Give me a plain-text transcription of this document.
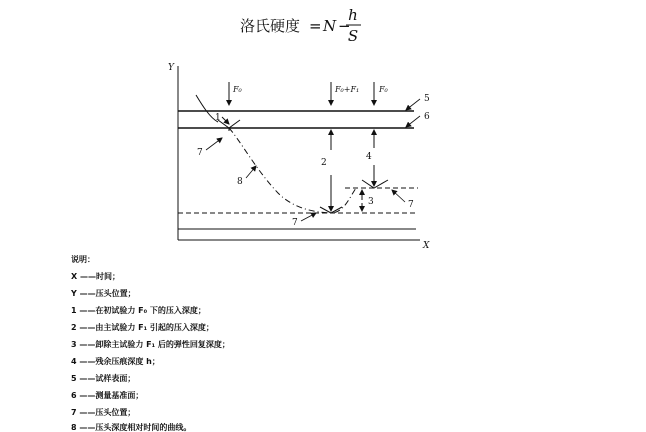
洛氏硬度 = N −
h
S
Y
X
F₀	F₀+F₁ F₀
1
2
3
4
5
6
7
7
7
8
说明：
X ——时间；
Y ——压头位置；
1 ——在初试验力 F₀ 下的压入深度；
2 ——由主试验力 F₁ 引起的压入深度；
3 ——卸除主试验力 F₁ 后的弹性回复深度；
4 ——残余压痕深度 h；
5 ——试样表面；
6 ——测量基准面；
7 ——压头位置；
8 ——压头深度相对时间的曲线。
